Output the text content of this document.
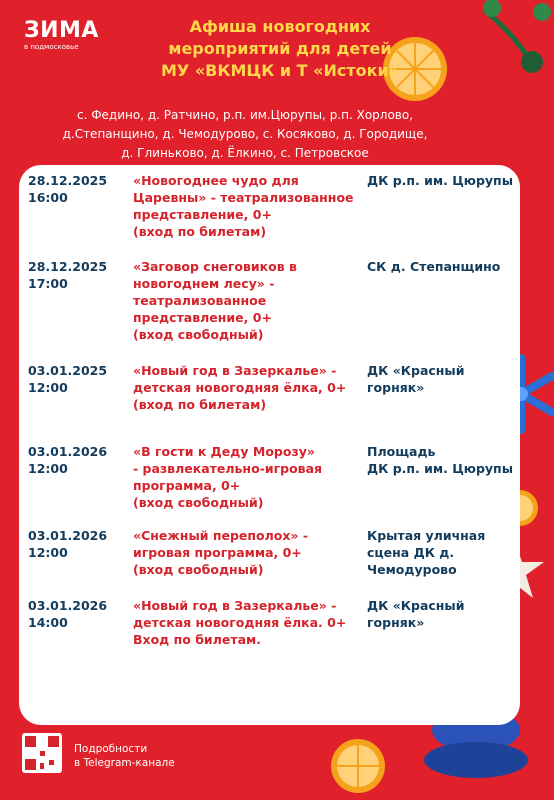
ЗИМА
в подмосковье
Афиша новогодних
мероприятий для детей
МУ «ВКМЦК и Т «Истоки»
с. Федино, д. Ратчино, р.п. им.Цюрупы, р.п. Хорлово,
д.Степанщино, д. Чемодурово, с. Косяково, д. Городище,
д. Глиньково, д. Ёлкино, с. Петровское
28.12.2025
16:00
«Новогоднее чудо для
Царевны» - театрализованное
представление, 0+
(вход по билетам)
ДК р.п. им. Цюрупы
28.12.2025
17:00
«Заговор снеговиков в
новогоднем лесу» -
театрализованное
представление, 0+
(вход свободный)
СК д. Степанщино
03.01.2025
12:00
«Новый год в Зазеркалье» -
детская новогодняя ёлка, 0+
(вход по билетам)
ДК «Красный
горняк»
03.01.2026
12:00
«В гости к Деду Морозу»
- развлекательно-игровая
программа, 0+
(вход свободный)
Площадь
ДК р.п. им. Цюрупы
03.01.2026
12:00
«Снежный переполох» -
игровая программа, 0+
(вход свободный)
Крытая уличная
сцена ДК д.
Чемодурово
03.01.2026
14:00
«Новый год в Зазеркалье» -
детская новогодняя ёлка. 0+
Вход по билетам.
ДК «Красный
горняк»
Подробности
в Telegram-канале
